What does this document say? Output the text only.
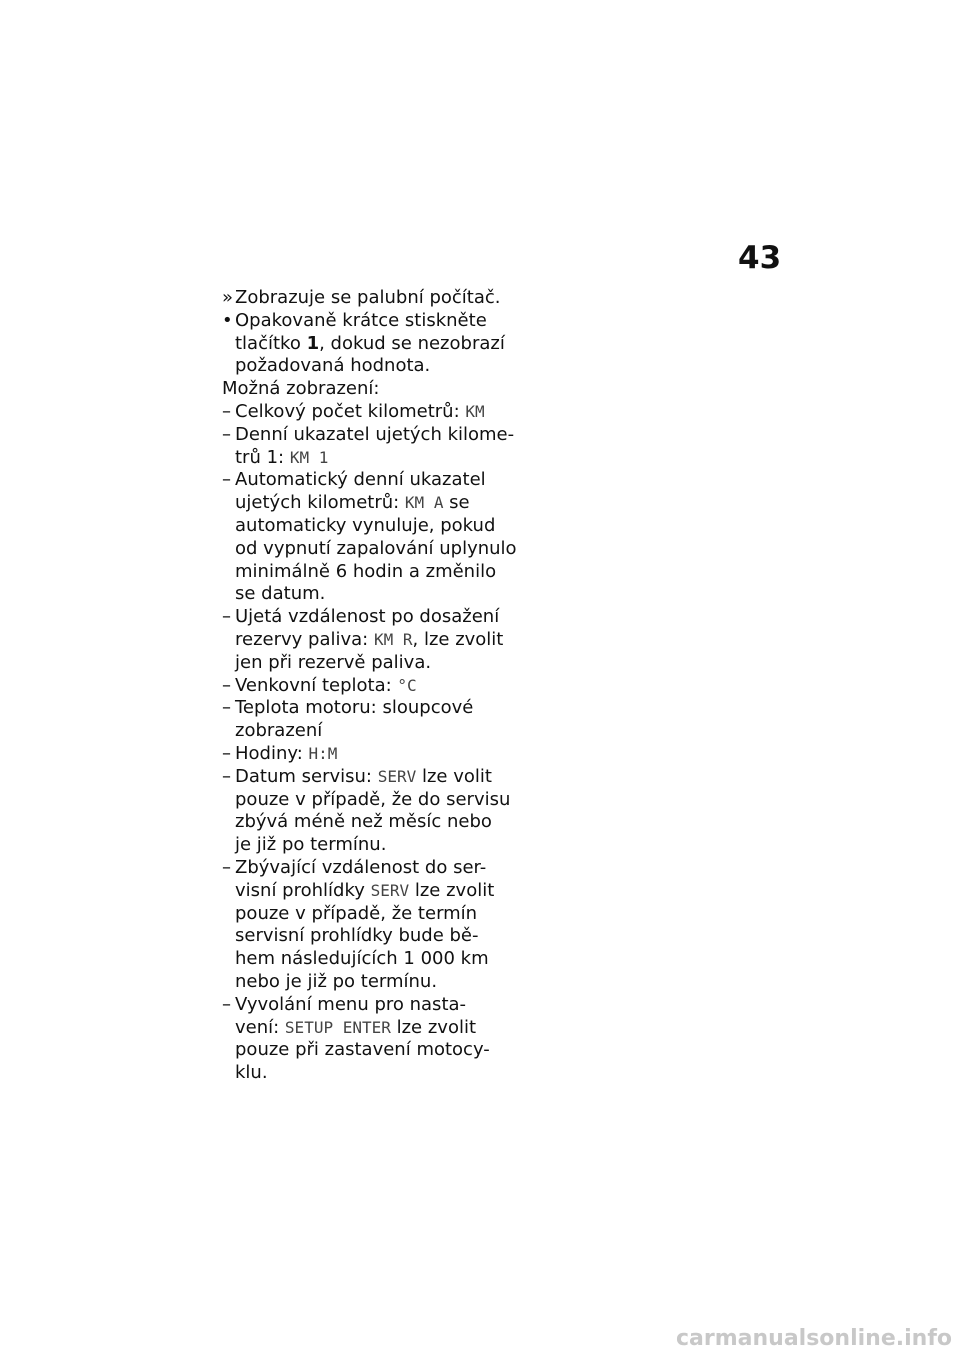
43
» Zobrazuje se palubní počítač.
• Opakovaně krátce stiskněte
tlačítko 1, dokud se nezobrazí
požadovaná hodnota.
Možná zobrazení:
– Celkový počet kilometrů: KM
– Denní ukazatel ujetých kilome-
trů 1: KM 1
– Automatický denní ukazatel
ujetých kilometrů: KM A se
automaticky vynuluje, pokud
od vypnutí zapalování uplynulo
minimálně 6 hodin a změnilo
se datum.
– Ujetá vzdálenost po dosažení
rezervy paliva: KM R, lze zvolit
jen při rezervě paliva.
– Venkovní teplota: °C
– Teplota motoru: sloupcové
zobrazení
– Hodiny: H:M
– Datum servisu: SERV lze volit
pouze v případě, že do servisu
zbývá méně než měsíc nebo
je již po termínu.
– Zbývající vzdálenost do ser-
visní prohlídky SERV lze zvolit
pouze v případě, že termín
servisní prohlídky bude bě-
hem následujících 1 000 km
nebo je již po termínu.
– Vyvolání menu pro nasta-
vení: SETUP ENTER lze zvolit
pouze při zastavení motocy-
klu.
carmanualsonline.info
